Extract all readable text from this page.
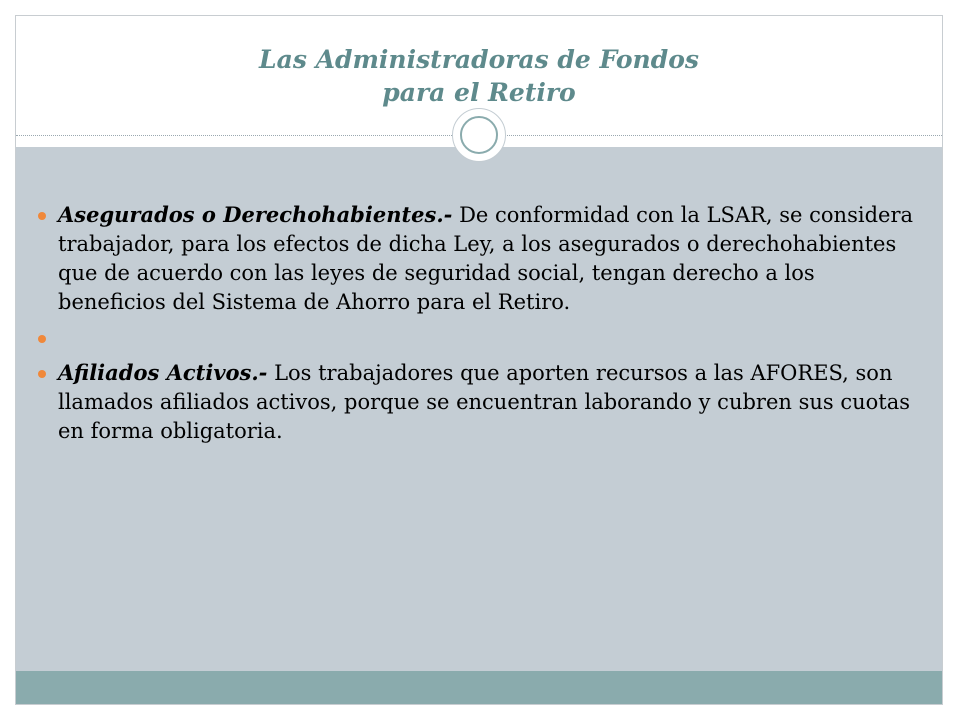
Las Administradoras de Fondos
para el Retiro
Asegurados o Derechohabientes.- De conformidad con la LSAR, se considera trabajador, para los efectos de dicha Ley, a los asegurados o derechohabientes que de acuerdo con las leyes de seguridad social, tengan derecho a los beneficios del Sistema de Ahorro para el Retiro.
Afiliados Activos.- Los trabajadores que aporten recursos a las AFORES, son llamados afiliados activos, porque se encuentran laborando y cubren sus cuotas en forma obligatoria.
